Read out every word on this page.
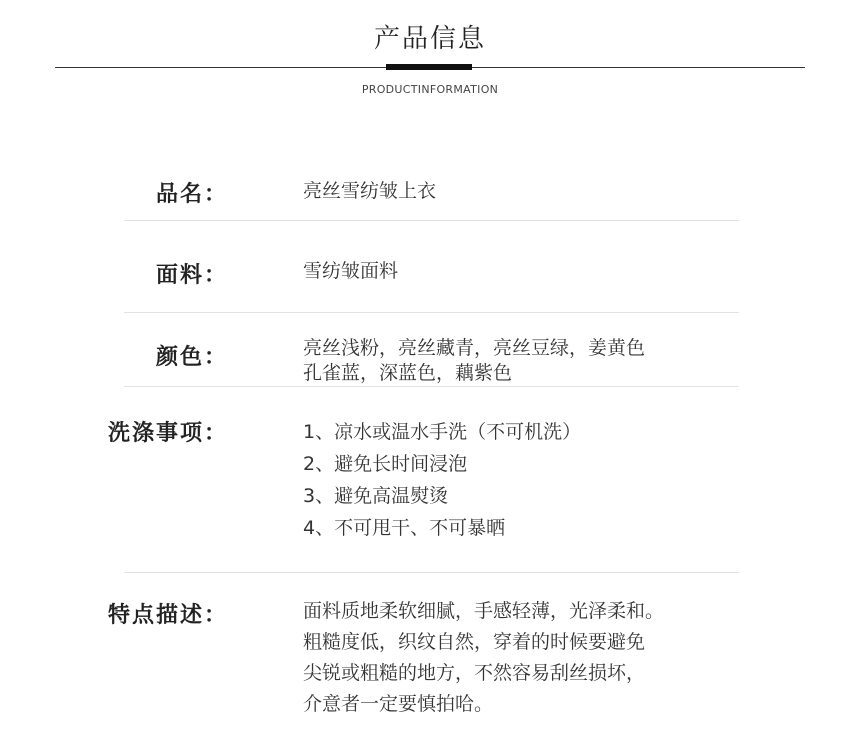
产品信息
PRODUCTINFORMATION
品名：	亮丝雪纺皱上衣
面料：	雪纺皱面料
颜色：	亮丝浅粉，亮丝藏青，亮丝豆绿，姜黄色
孔雀蓝，深蓝色，藕紫色
洗涤事项：	1、凉水或温水手洗（不可机洗）
2、避免长时间浸泡
3、避免高温熨烫
4、不可甩干、不可暴晒
特点描述：	面料质地柔软细腻，手感轻薄，光泽柔和。
粗糙度低，织纹自然，穿着的时候要避免
尖锐或粗糙的地方，不然容易刮丝损坏，
介意者一定要慎拍哈。
